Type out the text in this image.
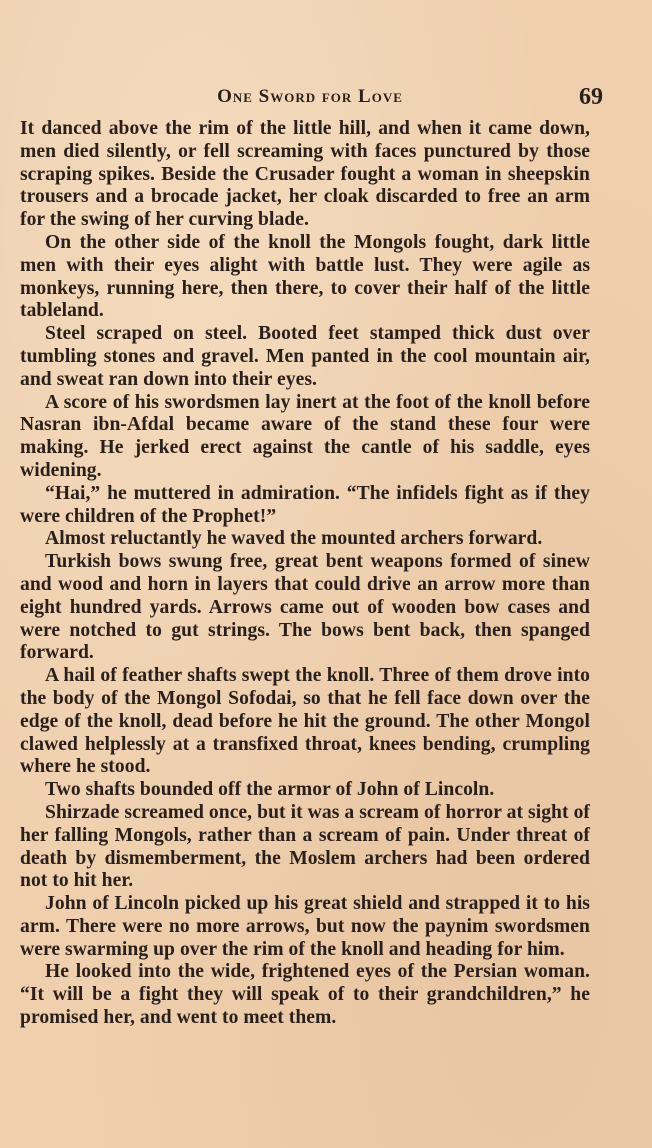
One Sword for Love	69

It danced above the rim of the little hill, and when it came down, men died silently, or fell screaming with faces punctured by those scraping spikes. Beside the Crusader fought a woman in sheepskin trousers and a brocade jacket, her cloak discarded to free an arm for the swing of her curving blade.

On the other side of the knoll the Mongols fought, dark little men with their eyes alight with battle lust. They were agile as monkeys, running here, then there, to cover their half of the little tableland.

Steel scraped on steel. Booted feet stamped thick dust over tumbling stones and gravel. Men panted in the cool mountain air, and sweat ran down into their eyes.

A score of his swordsmen lay inert at the foot of the knoll before Nasran ibn-Afdal became aware of the stand these four were making. He jerked erect against the cantle of his saddle, eyes widening.

“Hai,” he muttered in admiration. “The infidels fight as if they were children of the Prophet!”

Almost reluctantly he waved the mounted archers forward.

Turkish bows swung free, great bent weapons formed of sinew and wood and horn in layers that could drive an arrow more than eight hundred yards. Arrows came out of wooden bow cases and were notched to gut strings. The bows bent back, then spanged forward.

A hail of feather shafts swept the knoll. Three of them drove into the body of the Mongol Sofodai, so that he fell face down over the edge of the knoll, dead before he hit the ground. The other Mongol clawed helplessly at a transfixed throat, knees bending, crumpling where he stood.

Two shafts bounded off the armor of John of Lincoln.

Shirzade screamed once, but it was a scream of horror at sight of her falling Mongols, rather than a scream of pain. Under threat of death by dismemberment, the Moslem archers had been ordered not to hit her.

John of Lincoln picked up his great shield and strapped it to his arm. There were no more arrows, but now the paynim swordsmen were swarming up over the rim of the knoll and heading for him.

He looked into the wide, frightened eyes of the Persian woman. “It will be a fight they will speak of to their grandchildren,” he promised her, and went to meet them.
